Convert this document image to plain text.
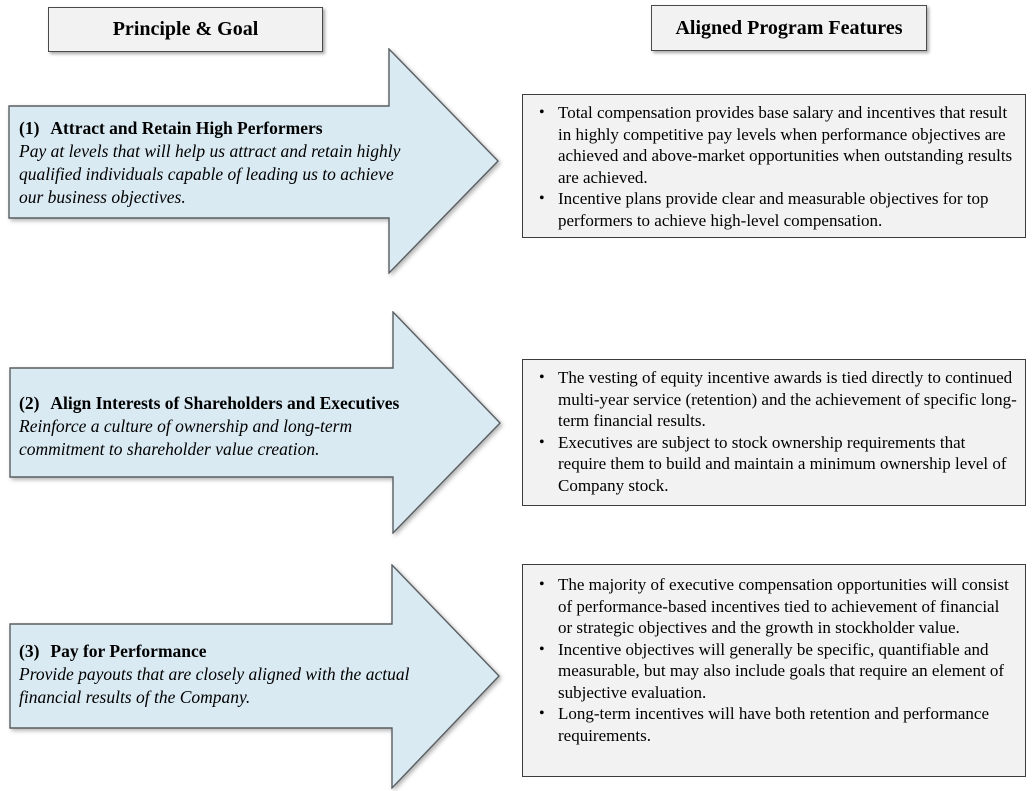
Principle & Goal	Aligned Program Features
(1) Attract and Retain High Performers
Pay at levels that will help us attract and retain highly qualified individuals capable of leading us to achieve our business objectives.
• Total compensation provides base salary and incentives that result in highly competitive pay levels when performance objectives are achieved and above-market opportunities when outstanding results are achieved.
• Incentive plans provide clear and measurable objectives for top performers to achieve high-level compensation.
(2) Align Interests of Shareholders and Executives
Reinforce a culture of ownership and long-term commitment to shareholder value creation.
• The vesting of equity incentive awards is tied directly to continued multi-year service (retention) and the achievement of specific long-term financial results.
• Executives are subject to stock ownership requirements that require them to build and maintain a minimum ownership level of Company stock.
(3) Pay for Performance
Provide payouts that are closely aligned with the actual financial results of the Company.
• The majority of executive compensation opportunities will consist of performance-based incentives tied to achievement of financial or strategic objectives and the growth in stockholder value.
• Incentive objectives will generally be specific, quantifiable and measurable, but may also include goals that require an element of subjective evaluation.
• Long-term incentives will have both retention and performance requirements.
